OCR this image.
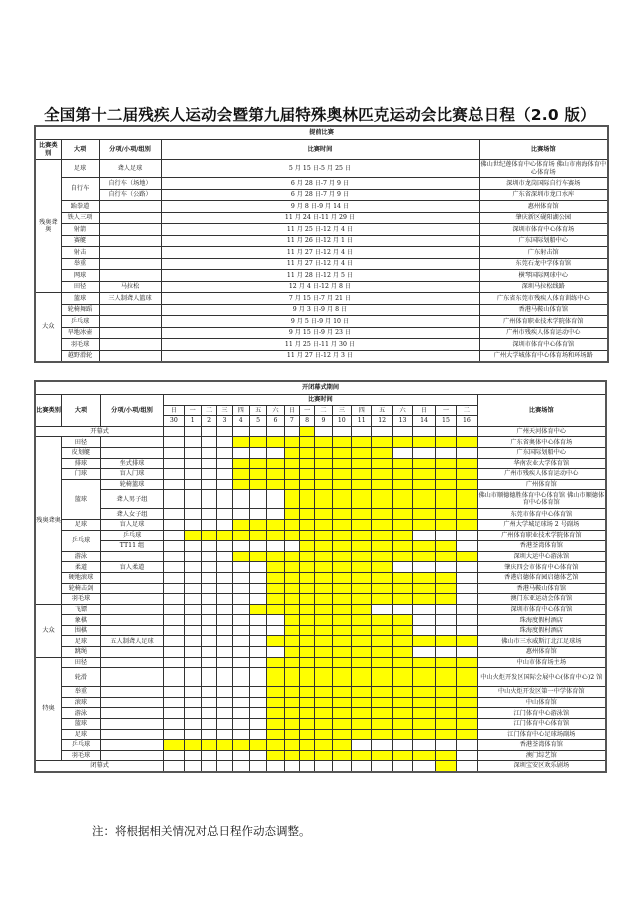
全国第十二届残疾人运动会暨第九届特殊奥林匹克运动会比赛总日程（2.0 版）
提前比赛				
比赛类别	大项	分项/小项/组别	比赛时间	比赛场馆
残奥聋奥	足球	聋人足球	5 月 15 日-5 月 25 日	佛山世纪莲体育中心体育场 佛山市南海体育中心体育场
	自行车	自行车（场地）	6 月 28 日-7 月 9 日	深圳市龙岗国际自行车赛场
		自行车（公路）	6 月 28 日-7 月 9 日	广东省深圳市龙口水库
	跆拳道		9 月 8 日-9 月 14 日	惠州体育馆
	铁人三项		11 月 24 日-11 月 29 日	肇庆新区砚阳湖公园
	射箭		11 月 25 日-12 月 4 日	深圳市体育中心体育场
	赛艇		11 月 26 日-12 月 1 日	广东国际划船中心
	射击		11 月 27 日-12 月 4 日	广东射击馆
	举重		11 月 27 日-12 月 4 日	东莞石龙中学体育馆
	网球		11 月 28 日-12 月 5 日	横琴国际网球中心
	田径	马拉松	12 月 4 日-12 月 8 日	深圳马拉松线路
大众	篮球	三人制聋人篮球	7 月 15 日-7 月 21 日	广东省东莞市残疾人体育训练中心
	轮椅舞蹈		9 月 3 日-9 月 8 日	香港马鞍山体育馆
	乒乓球		9 月 5 日-9 月 10 日	广州体育职业技术学院体育馆
	旱地冰壶		9 月 15 日-9 月 23 日	广州市残疾人体育运动中心
	羽毛球		11 月 25 日-11 月 30 日	深圳市体育中心体育馆
	越野滑轮		11 月 27 日-12 月 3 日	广州大学城体育中心体育场和环场路
开闭幕式期间																				
比赛类别	大项	分项/小项/组别	比赛时间																	比赛场馆
			日	一	二	三	四	五	六	日	一	二	三	四	五	六	日	一	二	
			30	1	2	3	4	5	6	7	8	9	10	11	12	13	14	15	16	
开幕式																				广州天河体育中心
残奥聋奥	田径																			广东省奥体中心体育场
	皮划艇																			广东国际划船中心
	排球	坐式排球																		华南农业大学体育馆
	门球	盲人门球																		广州市残疾人体育运动中心
	篮球	轮椅篮球																		广州体育馆
		聋人男子组																		佛山市顺德德胜体育中心体育馆 佛山市顺德体育中心体育馆
		聋人女子组																		东莞市体育中心体育馆
	足球	盲人足球																		广州大学城足球场 2 号副场
	乒乓球	乒乓球																		广州体育职业技术学院体育馆
		TT11 组																		香港荃湾体育馆
	游泳																			深圳大运中心游泳馆
	柔道	盲人柔道																		肇庆四会市体育中心体育馆
	硬地滚球																			香港启德体育园启德体艺馆
	轮椅击剑																			香港马鞍山体育馆
	羽毛球																			澳门东亚运动会体育馆
大众	飞镖																			深圳市体育中心体育馆
	象棋																			珠海度假村酒店
	围棋																			珠海度假村酒店
	足球	五人制聋人足球																		佛山市三水威斯汀北江足球场
	跳绳																			惠州体育馆
特奥	田径																			中山市体育场主场
	轮滑																			中山火炬开发区国际会展中心(体育中心)2 馆
	举重																			中山火炬开发区第一中学体育馆
	滚球																			中山体育馆
	游泳																			江门体育中心游泳馆
	篮球																			江门体育中心体育馆
	足球																			江门体育中心足球场副场
	乒乓球																			香港荃湾体育馆
	羽毛球																			澳门综艺馆
闭幕式																				深圳宝安区欢乐剧场
注：将根据相关情况对总日程作动态调整。
